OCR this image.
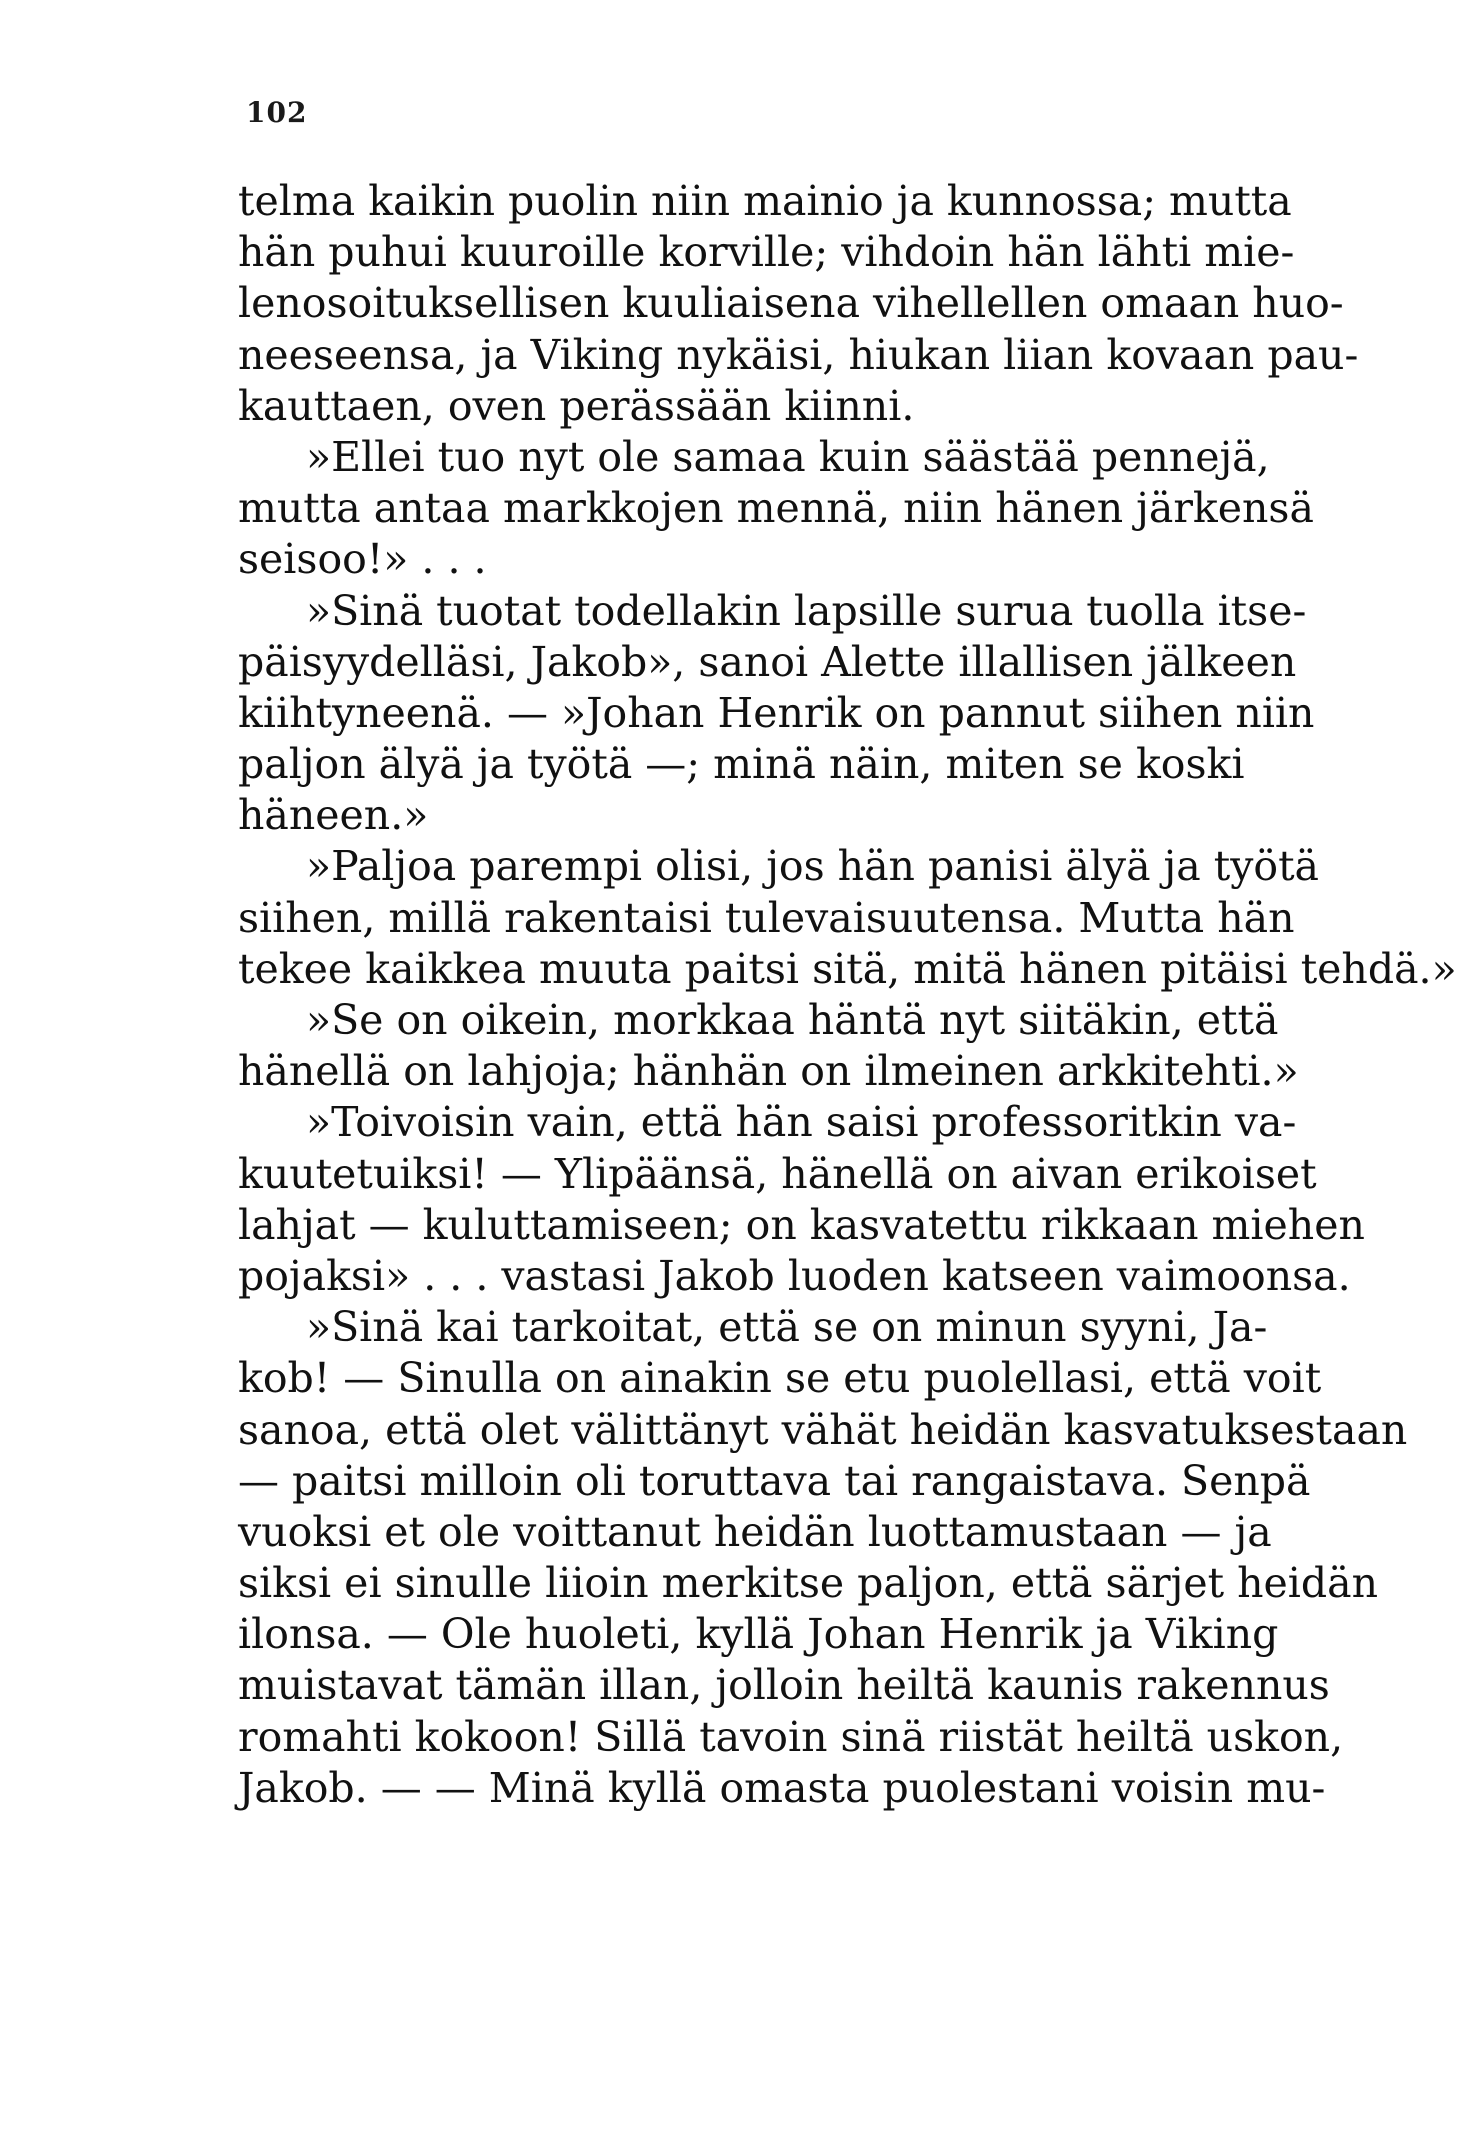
102
telma kaikin puolin niin mainio ja kunnossa; mutta
hän puhui kuuroille korville; vihdoin hän lähti mie-
lenosoituksellisen kuuliaisena vihellellen omaan huo-
neeseensa, ja Viking nykäisi, hiukan liian kovaan pau-
kauttaen, oven perässään kiinni.
»Ellei tuo nyt ole samaa kuin säästää pennejä,
mutta antaa markkojen mennä, niin hänen järkensä
seisoo!» . . .
»Sinä tuotat todellakin lapsille surua tuolla itse-
päisyydelläsi, Jakob», sanoi Alette illallisen jälkeen
kiihtyneenä. — »Johan Henrik on pannut siihen niin
paljon älyä ja työtä —; minä näin, miten se koski
häneen.»
»Paljoa parempi olisi, jos hän panisi älyä ja työtä
siihen, millä rakentaisi tulevaisuutensa. Mutta hän
tekee kaikkea muuta paitsi sitä, mitä hänen pitäisi tehdä.»
»Se on oikein, morkkaa häntä nyt siitäkin, että
hänellä on lahjoja; hänhän on ilmeinen arkkitehti.»
»Toivoisin vain, että hän saisi professoritkin va-
kuutetuiksi! — Ylipäänsä, hänellä on aivan erikoiset
lahjat — kuluttamiseen; on kasvatettu rikkaan miehen
pojaksi» . . . vastasi Jakob luoden katseen vaimoonsa.
»Sinä kai tarkoitat, että se on minun syyni, Ja-
kob! — Sinulla on ainakin se etu puolellasi, että voit
sanoa, että olet välittänyt vähät heidän kasvatuksestaan
— paitsi milloin oli toruttava tai rangaistava. Senpä
vuoksi et ole voittanut heidän luottamustaan — ja
siksi ei sinulle liioin merkitse paljon, että särjet heidän
ilonsa. — Ole huoleti, kyllä Johan Henrik ja Viking
muistavat tämän illan, jolloin heiltä kaunis rakennus
romahti kokoon! Sillä tavoin sinä riistät heiltä uskon,
Jakob. — — Minä kyllä omasta puolestani voisin mu-
